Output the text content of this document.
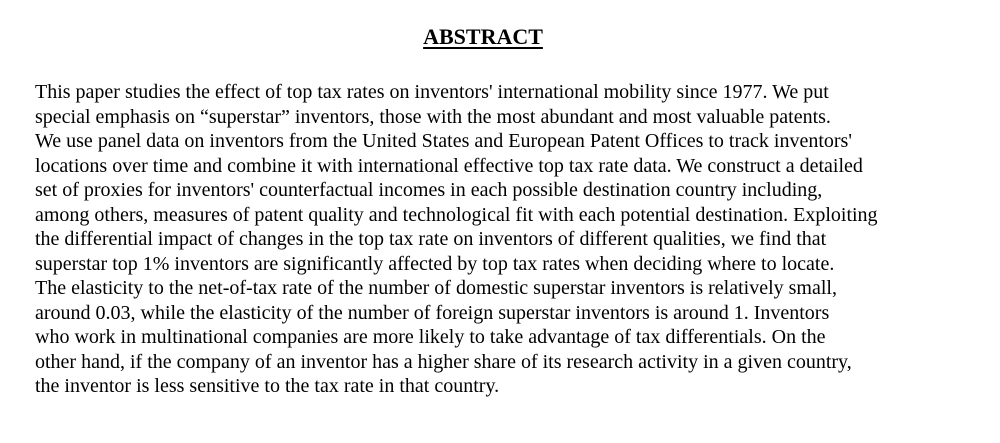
ABSTRACT

This paper studies the effect of top tax rates on inventors' international mobility since 1977. We put
special emphasis on “superstar” inventors, those with the most abundant and most valuable patents.
We use panel data on inventors from the United States and European Patent Offices to track inventors'
locations over time and combine it with international effective top tax rate data. We construct a detailed
set of proxies for inventors' counterfactual incomes in each possible destination country including,
among others, measures of patent quality and technological fit with each potential destination. Exploiting
the differential impact of changes in the top tax rate on inventors of different qualities, we find that
superstar top 1% inventors are significantly affected by top tax rates when deciding where to locate.
The elasticity to the net-of-tax rate of the number of domestic superstar inventors is relatively small,
around 0.03, while the elasticity of the number of foreign superstar inventors is around 1. Inventors
who work in multinational companies are more likely to take advantage of tax differentials. On the
other hand, if the company of an inventor has a higher share of its research activity in a given country,
the inventor is less sensitive to the tax rate in that country.
